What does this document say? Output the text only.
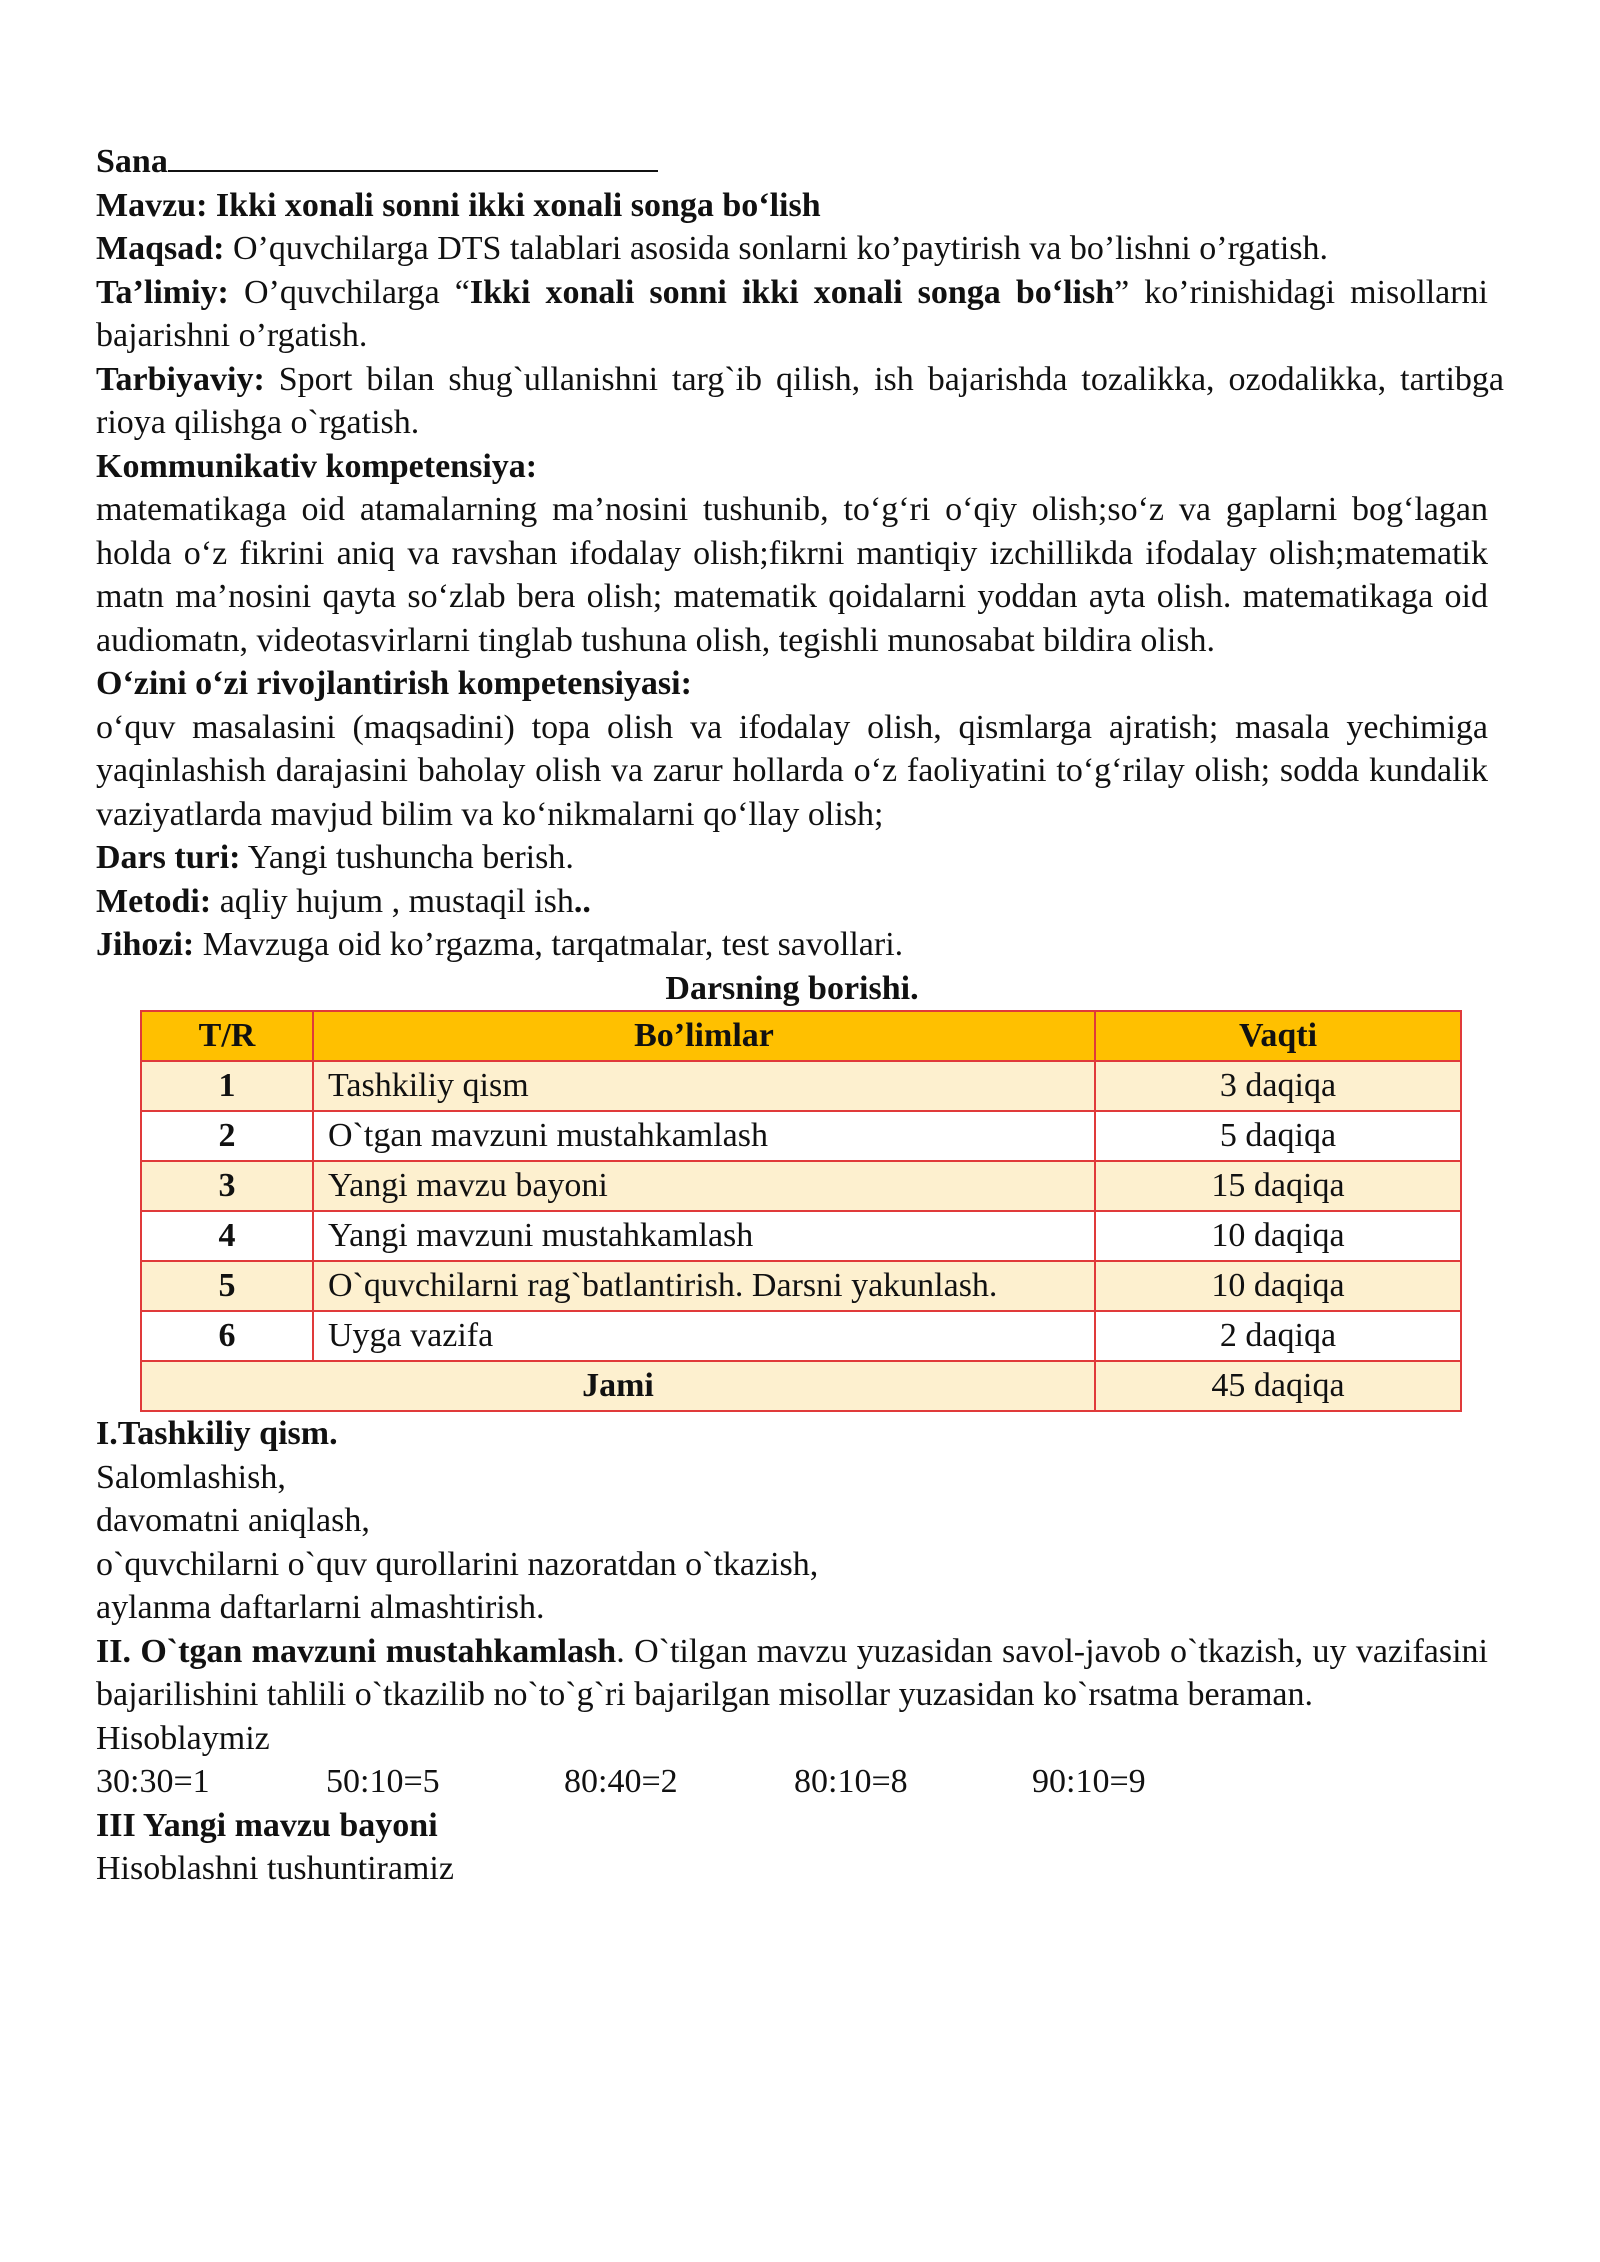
Sana

Mavzu: Ikki xonali sonni ikki xonali songa bo‘lish

Maqsad: O’quvchilarga DTS talablari asosida sonlarni ko’paytirish va bo’lishni o’rgatish.

Ta’limiy: O’quvchilarga “Ikki xonali sonni ikki xonali songa bo‘lish” ko’rinishidagi misollarni bajarishni o’rgatish.

Tarbiyaviy: Sport bilan shug`ullanishni targ`ib qilish, ish bajarishda tozalikka, ozodalikka, tartibga rioya qilishga o`rgatish.

Kommunikativ kompetensiya:

matematikaga oid atamalarning ma’nosini tushunib, to‘g‘ri o‘qiy olish;so‘z va gaplarni bog‘lagan holda o‘z fikrini aniq va ravshan ifodalay olish;fikrni mantiqiy izchillikda ifodalay olish;matematik matn ma’nosini qayta so‘zlab bera olish; matematik qoidalarni yoddan ayta olish. matematikaga oid audiomatn, videotasvirlarni tinglab tushuna olish, tegishli munosabat bildira olish.

O‘zini o‘zi rivojlantirish kompetensiyasi:

o‘quv masalasini (maqsadini) topa olish va ifodalay olish, qismlarga ajratish; masala yechimiga yaqinlashish darajasini baholay olish va zarur hollarda o‘z faoliyatini to‘g‘rilay olish; sodda kundalik vaziyatlarda mavjud bilim va ko‘nikmalarni qo‘llay olish;

Dars turi: Yangi tushuncha berish.

Metodi: aqliy hujum , mustaqil ish..

Jihozi: Mavzuga oid ko’rgazma, tarqatmalar, test savollari.

Darsning borishi.

T/R	Bo’limlar	Vaqti
1	Tashkiliy qism	3 daqiqa
2	O`tgan mavzuni mustahkamlash	5 daqiqa
3	Yangi mavzu bayoni	15 daqiqa
4	Yangi mavzuni mustahkamlash	10 daqiqa
5	O`quvchilarni rag`batlantirish. Darsni yakunlash.	10 daqiqa
6	Uyga vazifa	2 daqiqa
Jami		45 daqiqa

I.Tashkiliy qism.

Salomlashish,

davomatni aniqlash,

o`quvchilarni o`quv qurollarini nazoratdan o`tkazish,

aylanma daftarlarni almashtirish.

II. O`tgan mavzuni mustahkamlash. O`tilgan mavzu yuzasidan savol-javob o`tkazish, uy vazifasini bajarilishini tahlili o`tkazilib no`to`g`ri bajarilgan misollar yuzasidan ko`rsatma beraman.

Hisoblaymiz

30:30=1	50:10=5	80:40=2	80:10=8	90:10=9

III Yangi mavzu bayoni

Hisoblashni tushuntiramiz
